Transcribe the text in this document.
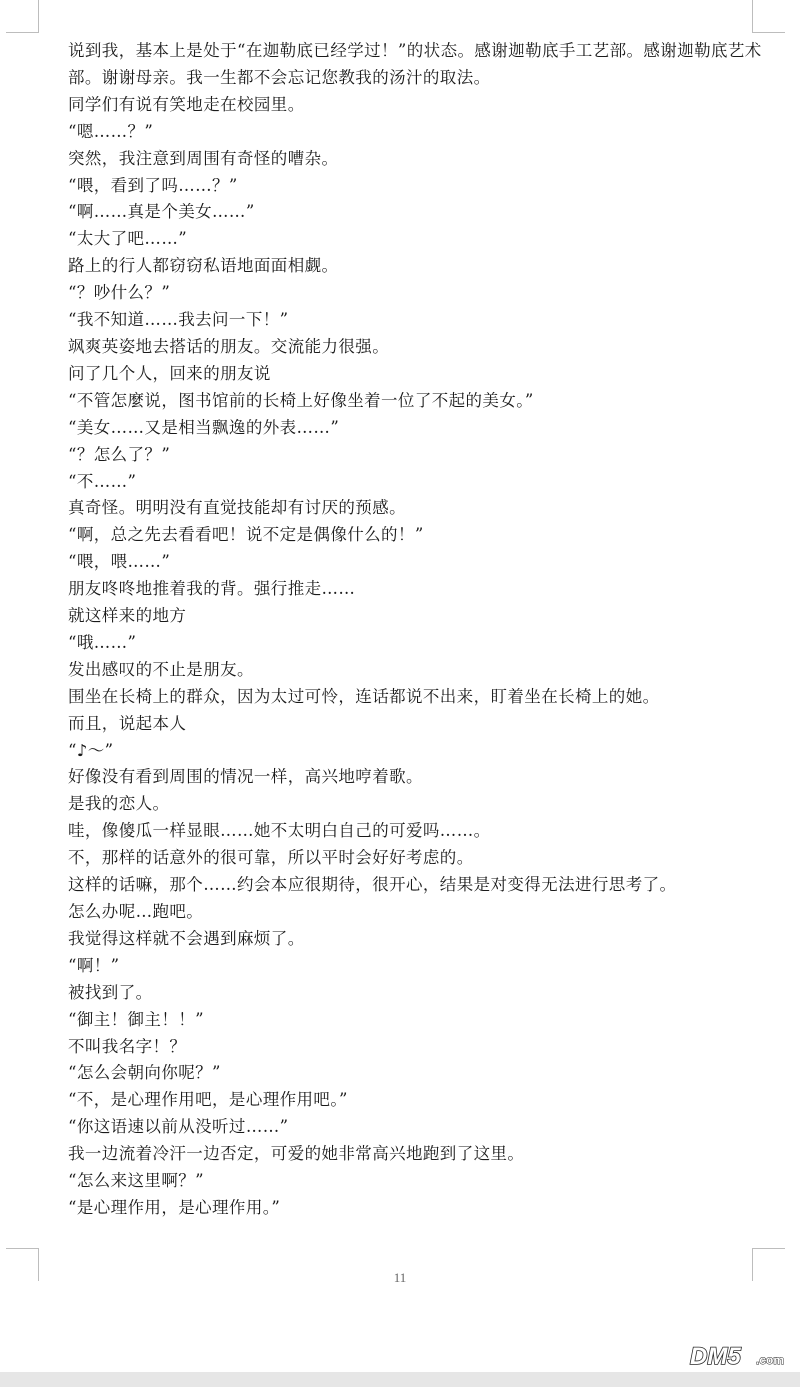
说到我，基本上是处于“在迦勒底已经学过！”的状态。感谢迦勒底手工艺部。感谢迦勒底艺术部。谢谢母亲。我一生都不会忘记您教我的汤汁的取法。
同学们有说有笑地走在校园里。
“嗯……？”
突然，我注意到周围有奇怪的嘈杂。
“喂，看到了吗……？”
“啊……真是个美女……”
“太大了吧……”
路上的行人都窃窃私语地面面相觑。
“？吵什么？”
“我不知道……我去问一下！”
飒爽英姿地去搭话的朋友。交流能力很强。
问了几个人，回来的朋友说
“不管怎麼说，图书馆前的长椅上好像坐着一位了不起的美女。”
“美女……又是相当飘逸的外表……”
“？怎么了？”
“不……”
真奇怪。明明没有直觉技能却有讨厌的预感。
“啊，总之先去看看吧！说不定是偶像什么的！”
“喂，喂……”
朋友咚咚地推着我的背。强行推走……
就这样来的地方
“哦……”
发出感叹的不止是朋友。
围坐在长椅上的群众，因为太过可怜，连话都说不出来，盯着坐在长椅上的她。
而且，说起本人
“♪～”
好像没有看到周围的情况一样，高兴地哼着歌。
是我的恋人。
哇，像傻瓜一样显眼……她不太明白自己的可爱吗……。
不，那样的话意外的很可靠，所以平时会好好考虑的。
这样的话嘛，那个……约会本应很期待，很开心，结果是对变得无法进行思考了。
怎么办呢…跑吧。
我觉得这样就不会遇到麻烦了。
“啊！”
被找到了。
“御主！御主！！”
不叫我名字！？
“怎么会朝向你呢？”
“不，是心理作用吧，是心理作用吧。”
“你这语速以前从没听过……”
我一边流着冷汗一边否定，可爱的她非常高兴地跑到了这里。
“怎么来这里啊？”
“是心理作用，是心理作用。”
11
DM5 .com
